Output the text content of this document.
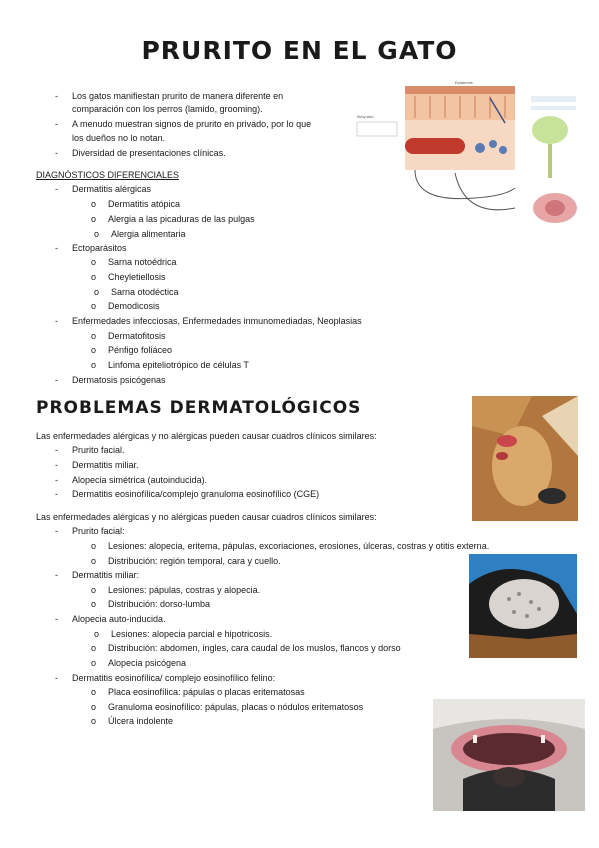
PRURITO EN EL GATO
- Los gatos manifiestan prurito de manera diferente en
comparación con los perros (lamido, grooming).
- A menudo muestran signos de prurito en privado, por lo que
los dueños no lo notan.
- Diversidad de presentaciones clínicas.
Epidermis
Itchy skin
DIAGNÓSTICOS DIFERENCIALES
- Dermatitis alérgicas
o Dermatitis atópica
o Alergia a las picaduras de las pulgas
o Alergia alimentaria
- Ectoparásitos
o Sarna notoédrica
o Cheyletiellosis
o Sarna otodéctica
o Demodicosis
- Enfermedades infecciosas, Enfermedades inmunomediadas, Neoplasias
o Dermatofitosis
o Pénfigo foliáceo
o Linfoma epiteliotrópico de células T
- Dermatosis psicógenas
PROBLEMAS DERMATOLÓGICOS
Las enfermedades alérgicas y no alérgicas pueden causar cuadros clínicos similares:
- Prurito facial.
- Dermatitis miliar.
- Alopecia simétrica (autoinducida).
- Dermatitis eosinofílica/complejo granuloma eosinofílico (CGE)
Las enfermedades alérgicas y no alérgicas pueden causar cuadros clínicos similares:
- Prurito facial:
o Lesiones: alopecia, eritema, pápulas, excoriaciones, erosiones, úlceras, costras y otitis externa.
o Distribución: región temporal, cara y cuello.
- Dermatitis miliar:
o Lesiones: pápulas, costras y alopecia.
o Distribución: dorso-lumba
- Alopecia auto-inducida.
o Lesiones: alopecia parcial e hipotricosis.
o Distribución: abdomen, ingles, cara caudal de los muslos, flancos y dorso
o Alopecia psicógena
- Dermatitis eosinofílica/ complejo eosinofílico felino:
o Placa eosinofílica: pápulas o placas eritematosas
o Granuloma eosinofílico: pápulas, placas o nódulos eritematosos
o Úlcera indolente
